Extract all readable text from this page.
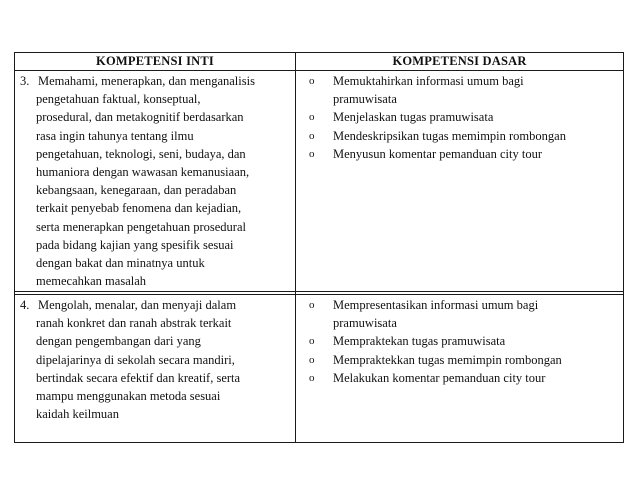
KOMPETENSI INTI	KOMPETENSI DASAR
3. Memahami, menerapkan, dan menganalisis
pengetahuan faktual, konseptual,
prosedural, dan metakognitif berdasarkan
rasa ingin tahunya tentang ilmu
pengetahuan, teknologi, seni, budaya, dan
humaniora dengan wawasan kemanusiaan,
kebangsaan, kenegaraan, dan peradaban
terkait penyebab fenomena dan kejadian,
serta menerapkan pengetahuan prosedural
pada bidang kajian yang spesifik sesuai
dengan bakat dan minatnya untuk
memecahkan masalah
o Memuktahirkan informasi umum bagi
pramuwisata
o Menjelaskan tugas pramuwisata
o Mendeskripsikan tugas memimpin rombongan
o Menyusun komentar pemanduan city tour
4. Mengolah, menalar, dan menyaji dalam
ranah konkret dan ranah abstrak terkait
dengan pengembangan dari yang
dipelajarinya di sekolah secara mandiri,
bertindak secara efektif dan kreatif, serta
mampu menggunakan metoda sesuai
kaidah keilmuan
o Mempresentasikan informasi umum bagi
pramuwisata
o Mempraktekan tugas pramuwisata
o Mempraktekkan tugas memimpin rombongan
o Melakukan komentar pemanduan city tour
